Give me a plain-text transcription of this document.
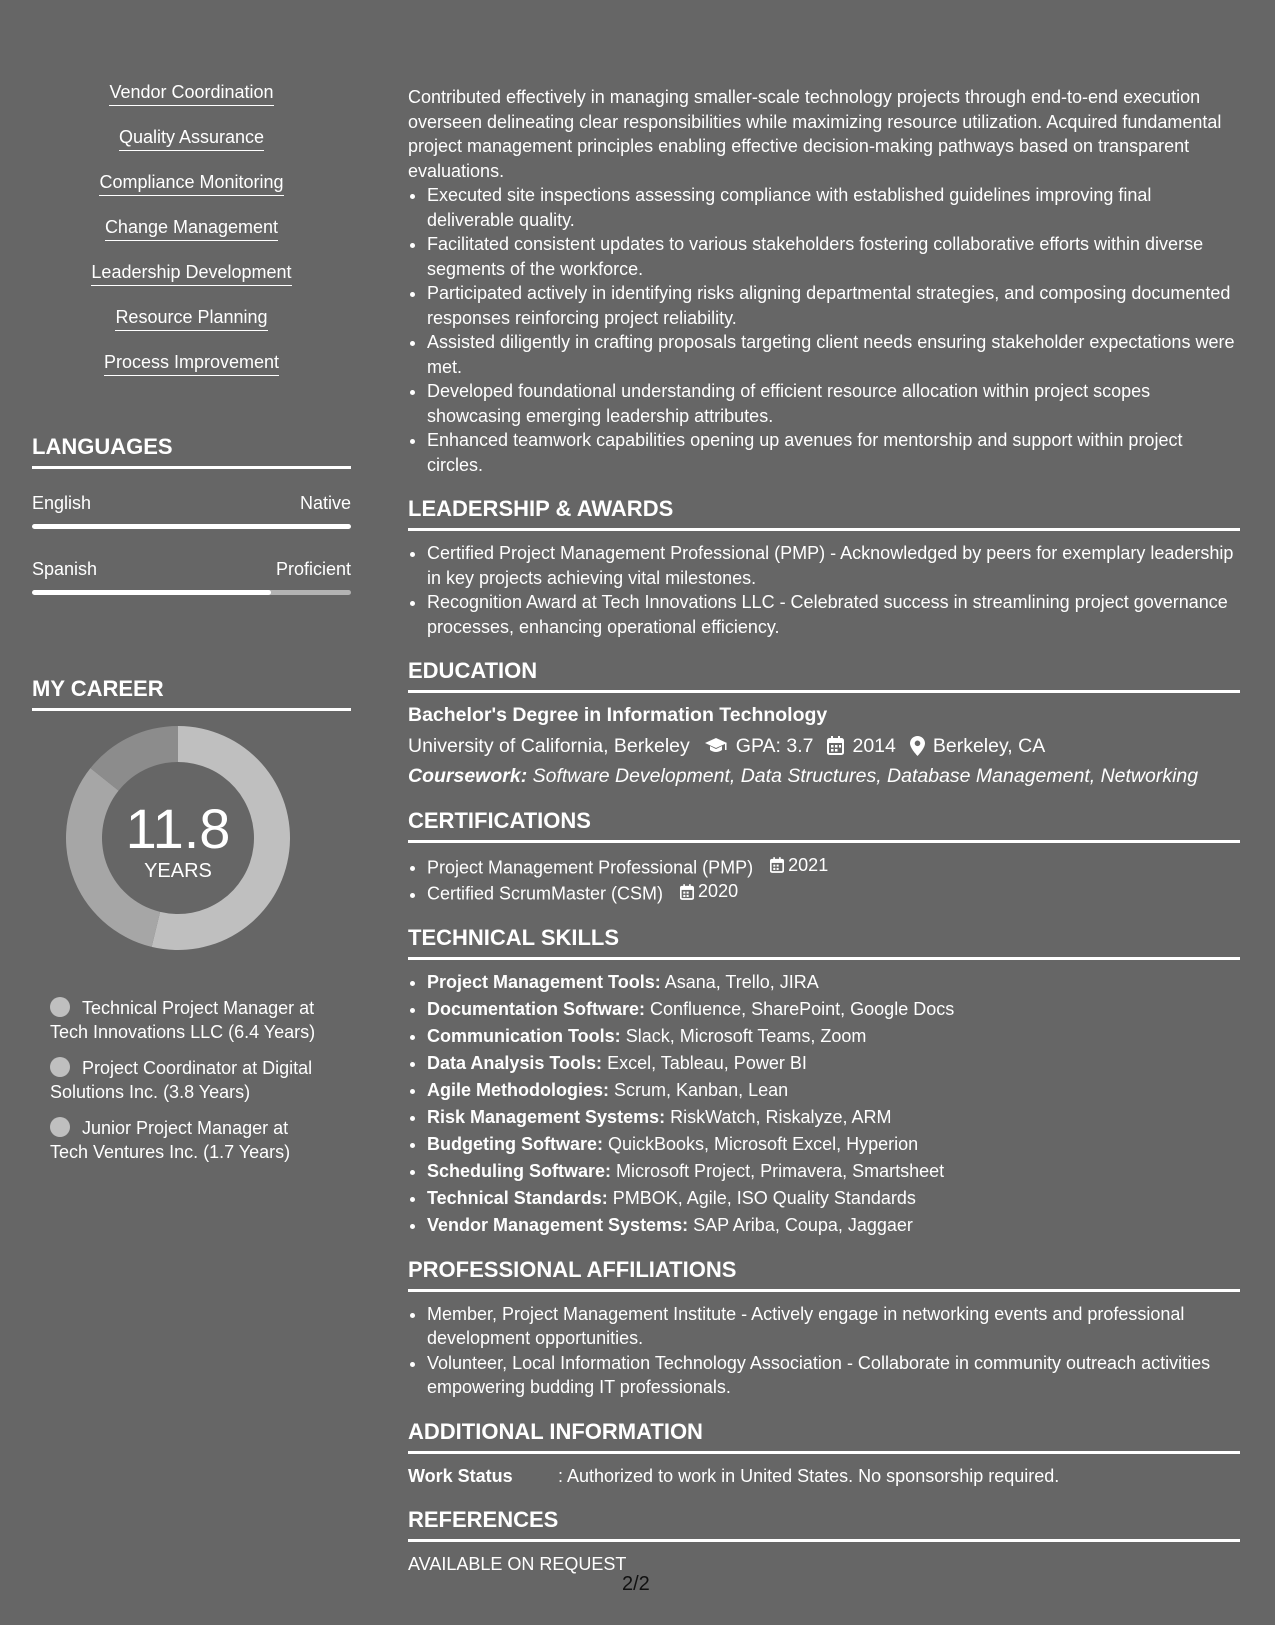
Vendor Coordination
Quality Assurance
Compliance Monitoring
Change Management
Leadership Development
Resource Planning
Process Improvement
LANGUAGES
English	Native
Spanish	Proficient
MY CAREER
11.8
YEARS
Technical Project Manager at Tech Innovations LLC (6.4 Years)
Project Coordinator at Digital Solutions Inc. (3.8 Years)
Junior Project Manager at Tech Ventures Inc. (1.7 Years)

Contributed effectively in managing smaller-scale technology projects through end-to-end execution overseen delineating clear responsibilities while maximizing resource utilization. Acquired fundamental project management principles enabling effective decision-making pathways based on transparent evaluations.

• Executed site inspections assessing compliance with established guidelines improving final deliverable quality.
• Facilitated consistent updates to various stakeholders fostering collaborative efforts within diverse segments of the workforce.
• Participated actively in identifying risks aligning departmental strategies, and composing documented responses reinforcing project reliability.
• Assisted diligently in crafting proposals targeting client needs ensuring stakeholder expectations were met.
• Developed foundational understanding of efficient resource allocation within project scopes showcasing emerging leadership attributes.
• Enhanced teamwork capabilities opening up avenues for mentorship and support within project circles.
LEADERSHIP & AWARDS
• Certified Project Management Professional (PMP) - Acknowledged by peers for exemplary leadership in key projects achieving vital milestones.
• Recognition Award at Tech Innovations LLC - Celebrated success in streamlining project governance processes, enhancing operational efficiency.
EDUCATION
Bachelor's Degree in Information Technology
University of California, Berkeley GPA: 3.7 2014 Berkeley, CA
Coursework: Software Development, Data Structures, Database Management, Networking
CERTIFICATIONS
• Project Management Professional (PMP) 2021
• Certified ScrumMaster (CSM) 2020
TECHNICAL SKILLS
• Project Management Tools: Asana, Trello, JIRA
• Documentation Software: Confluence, SharePoint, Google Docs
• Communication Tools: Slack, Microsoft Teams, Zoom
• Data Analysis Tools: Excel, Tableau, Power BI
• Agile Methodologies: Scrum, Kanban, Lean
• Risk Management Systems: RiskWatch, Riskalyze, ARM
• Budgeting Software: QuickBooks, Microsoft Excel, Hyperion
• Scheduling Software: Microsoft Project, Primavera, Smartsheet
• Technical Standards: PMBOK, Agile, ISO Quality Standards
• Vendor Management Systems: SAP Ariba, Coupa, Jaggaer
PROFESSIONAL AFFILIATIONS
• Member, Project Management Institute - Actively engage in networking events and professional development opportunities.
• Volunteer, Local Information Technology Association - Collaborate in community outreach activities empowering budding IT professionals.
ADDITIONAL INFORMATION
Work Status	: Authorized to work in United States. No sponsorship required.
REFERENCES
AVAILABLE ON REQUEST
2/2
